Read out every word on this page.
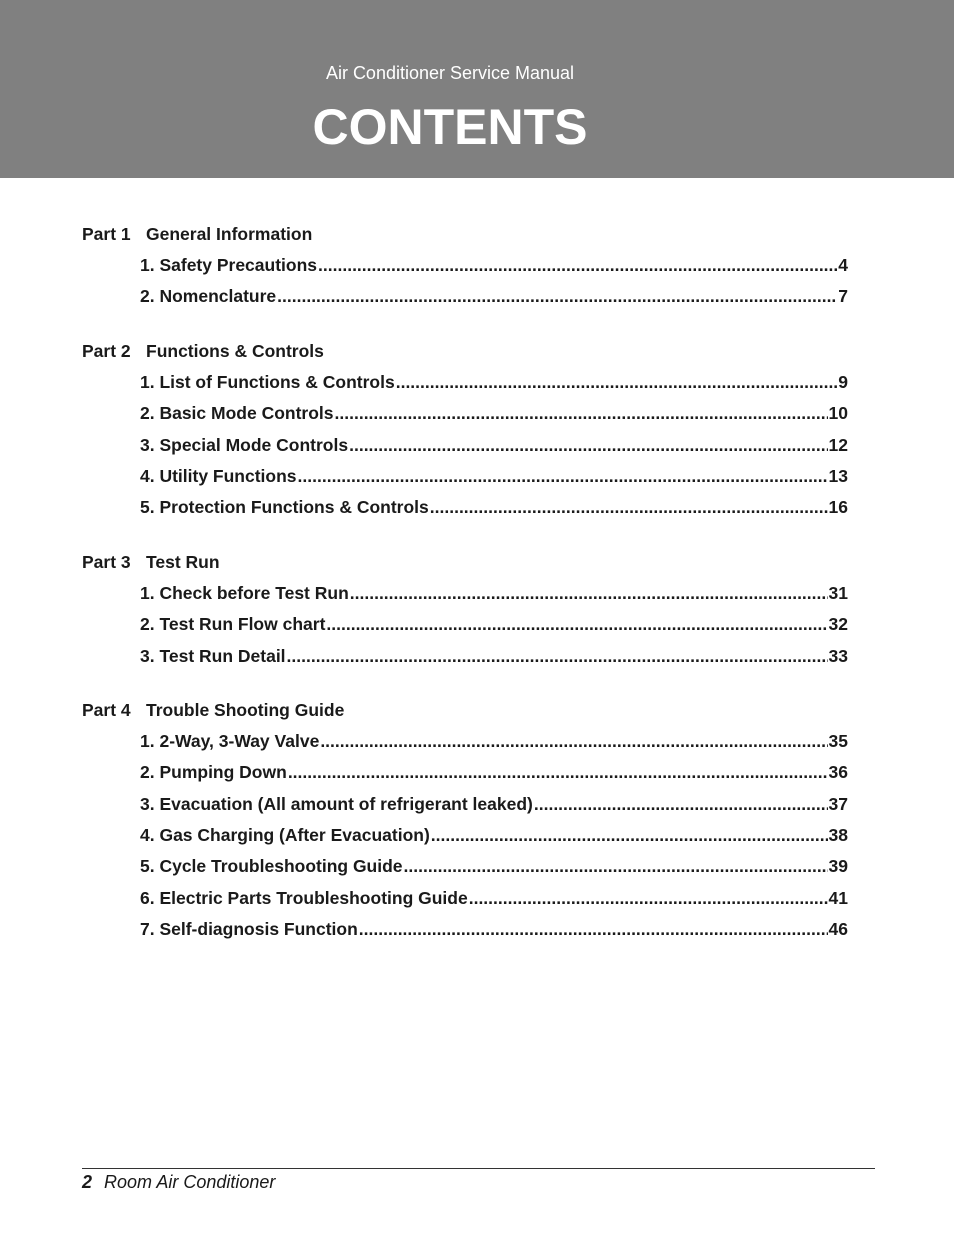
Air Conditioner Service Manual
CONTENTS
Part 1 General Information
1. Safety Precautions .....	4
2. Nomenclature .....	7
Part 2 Functions & Controls
1. List of Functions & Controls .....	9
2. Basic Mode Controls .....	10
3. Special Mode Controls .....	12
4. Utility Functions .....	13
5. Protection Functions & Controls .....	16
Part 3 Test Run
1. Check before Test Run .....	31
2. Test Run Flow chart .....	32
3. Test Run Detail .....	33
Part 4 Trouble Shooting Guide
1. 2-Way, 3-Way Valve .....	35
2. Pumping Down .....	36
3. Evacuation (All amount of refrigerant leaked) .....	37
4. Gas Charging (After Evacuation) .....	38
5. Cycle Troubleshooting Guide .....	39
6. Electric Parts Troubleshooting Guide .....	41
7. Self-diagnosis Function .....	46
2 Room Air Conditioner
